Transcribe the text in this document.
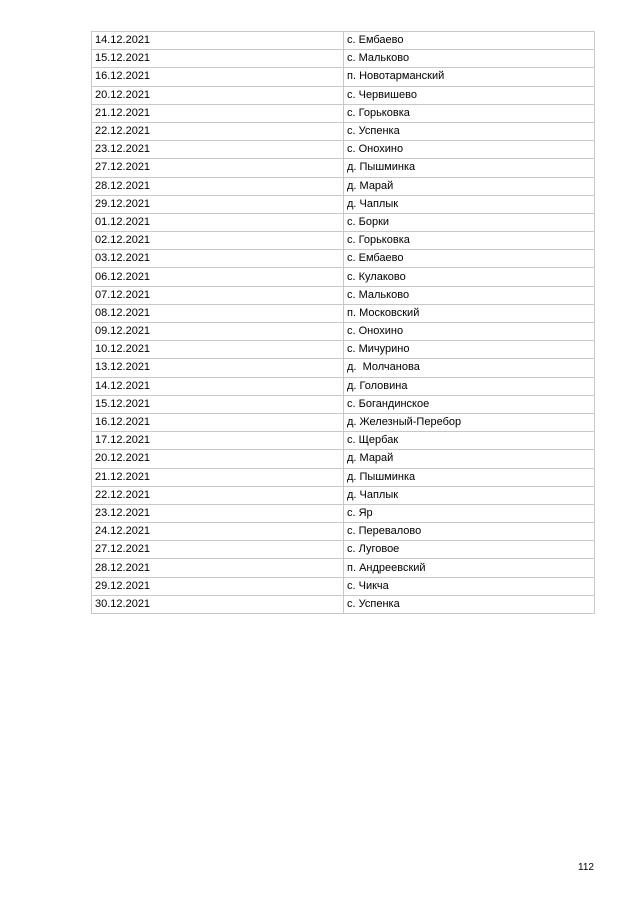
14.12.2021	с. Ембаево
15.12.2021	с. Мальково
16.12.2021	п. Новотарманский
20.12.2021	с. Червишево
21.12.2021	с. Горьковка
22.12.2021	с. Успенка
23.12.2021	с. Онохино
27.12.2021	д. Пышминка
28.12.2021	д. Марай
29.12.2021	д. Чаплык
01.12.2021	с. Борки
02.12.2021	с. Горьковка
03.12.2021	с. Ембаево
06.12.2021	с. Кулаково
07.12.2021	с. Мальково
08.12.2021	п. Московский
09.12.2021	с. Онохино
10.12.2021	с. Мичурино
13.12.2021	д.  Молчанова
14.12.2021	д. Головина
15.12.2021	с. Богандинское
16.12.2021	д. Железный-Перебор
17.12.2021	с. Щербак
20.12.2021	д. Марай
21.12.2021	д. Пышминка
22.12.2021	д. Чаплык
23.12.2021	с. Яр
24.12.2021	с. Перевалово
27.12.2021	с. Луговое
28.12.2021	п. Андреевский
29.12.2021	с. Чикча
30.12.2021	с. Успенка
112
